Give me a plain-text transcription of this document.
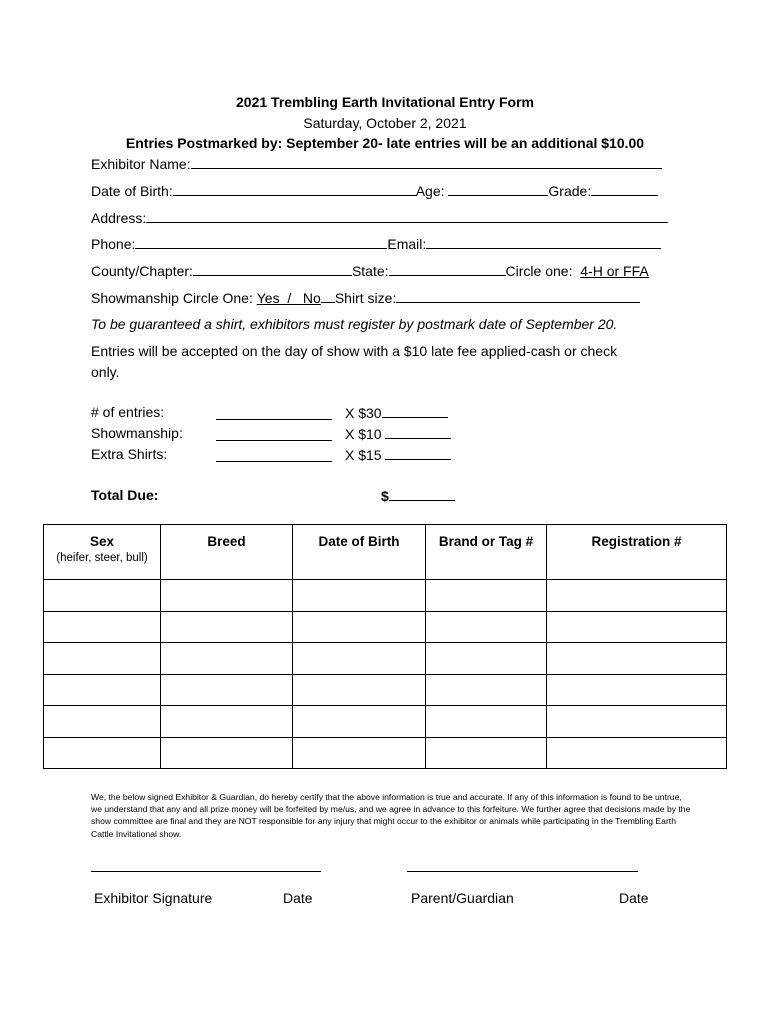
2021 Trembling Earth Invitational Entry Form
Saturday, October 2, 2021
Entries Postmarked by: September 20- late entries will be an additional $10.00
Exhibitor Name:
Date of Birth:	Age:	Grade:
Address:
Phone:	Email:
County/Chapter:	State:	Circle one: 4-H or FFA
Showmanship Circle One: Yes  /   No Shirt size:
To be guaranteed a shirt, exhibitors must register by postmark date of September 20.
Entries will be accepted on the day of show with a $10 late fee applied-cash or check
only.
# of entries:	X $30
Showmanship:	X $10
Extra Shirts:	X $15
Total Due:	$
Sex
(heifer, steer, bull)	Breed	Date of Birth	Brand or Tag #	Registration #

We, the below signed Exhibitor & Guardian, do hereby certify that the above information is true and accurate. If any of this information is found to be untrue, we understand that any and all prize money will be forfeited by me/us, and we agree in advance to this forfeiture. We further agree that decisions made by the show committee are final and they are NOT responsible for any injury that might occur to the exhibitor or animals while participating in the Trembling Earth Cattle Invitational show.
Exhibitor Signature	Date	Parent/Guardian	Date
